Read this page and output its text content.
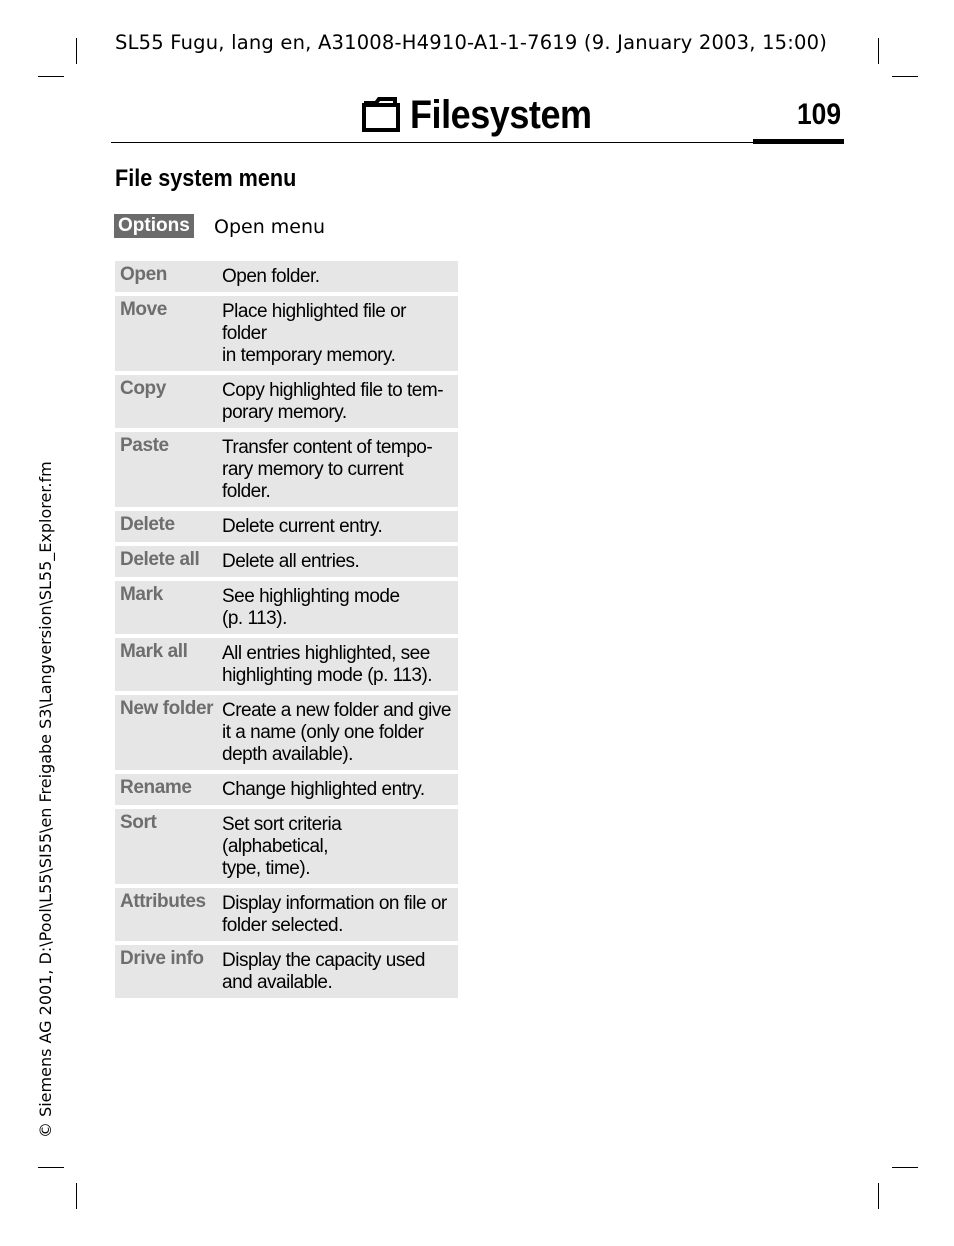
SL55 Fugu, lang en, A31008-H4910-A1-1-7619 (9. January 2003, 15:00)
Filesystem	109
File system menu
Options Open menu
Open	Open folder.
Move	Place highlighted file or folder
in temporary memory.
Copy	Copy highlighted file to tem-
porary memory.
Paste	Transfer content of tempo-
rary memory to current
folder.
Delete	Delete current entry.
Delete all	Delete all entries.
Mark	See highlighting mode
(p. 113).
Mark all	All entries highlighted, see
highlighting mode (p. 113).
New folder Create a new folder and give
it a name (only one folder
depth available).
Rename	Change highlighted entry.
Sort	Set sort criteria (alphabetical,
type, time).
Attributes Display information on file or
folder selected.
Drive info Display the capacity used
and available.
© Siemens AG 2001, D:\Pool\L55\SI55\en Freigabe S3\Langversion\SL55_Explorer.fm
